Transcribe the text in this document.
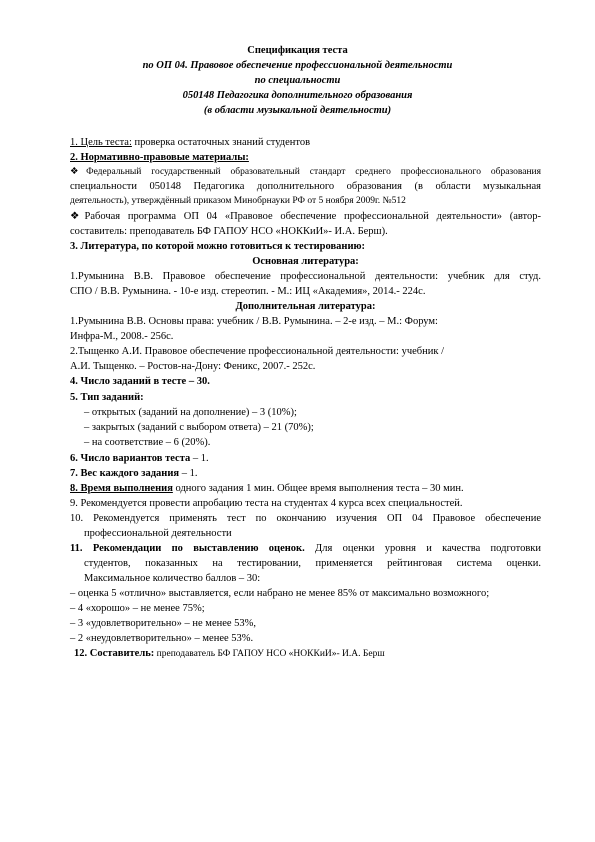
Спецификация теста
по ОП 04. Правовое обеспечение профессиональной деятельности
по специальности
050148 Педагогика дополнительного образования
(в области музыкальной деятельности)
1. Цель теста: проверка остаточных знаний студентов
2. Нормативно-правовые материалы:
❖Федеральный государственный образовательный стандарт среднего профессионального образования
специальности 050148 Педагогика дополнительного образования (в области музыкальная
деятельность), утверждённый приказом Минобрнауки РФ от 5 ноября 2009г. №512
❖Рабочая программа ОП 04 «Правовое обеспечение профессиональной деятельности» (автор-
составитель: преподаватель БФ ГАПОУ НСО «НОККиИ»- И.А. Берш).
3. Литература, по которой можно готовиться к тестированию:
Основная литература:
1.Румынина В.В. Правовое обеспечение профессиональной деятельности: учебник для студ.
СПО / В.В. Румынина. - 10-е изд. стереотип. - М.: ИЦ «Академия», 2014.- 224с.
Дополнительная литература:
1.Румынина В.В. Основы права: учебник / В.В. Румынина. – 2-е изд. – М.: Форум:
Инфра-М., 2008.- 256с.
2.Тыщенко А.И. Правовое обеспечение профессиональной деятельности: учебник /
А.И. Тыщенко. – Ростов-на-Дону: Феникс, 2007.- 252с.
4. Число заданий в тесте – 30.
5. Тип заданий:
– открытых (заданий на дополнение) – 3 (10%);
– закрытых (заданий с выбором ответа) – 21 (70%);
– на соответствие – 6 (20%).
6. Число вариантов теста – 1.
7. Вес каждого задания – 1.
8. Время выполнения одного задания 1 мин. Общее время выполнения теста – 30 мин.
9. Рекомендуется провести апробацию теста на студентах 4 курса всех специальностей.
10. Рекомендуется применять тест по окончанию изучения ОП 04 Правовое обеспечение
профессиональной деятельности
11. Рекомендации по выставлению оценок. Для оценки уровня и качества подготовки
студентов, показанных на тестировании, применяется рейтинговая система оценки.
Максимальное количество баллов – 30:
– оценка 5 «отлично» выставляется, если набрано не менее 85% от максимально возможного;
– 4 «хорошо» – не менее 75%;
– 3 «удовлетворительно» – не менее 53%,
– 2 «неудовлетворительно» – менее 53%.
12. Составитель: преподаватель БФ ГАПОУ НСО «НОККиИ»- И.А. Берш
